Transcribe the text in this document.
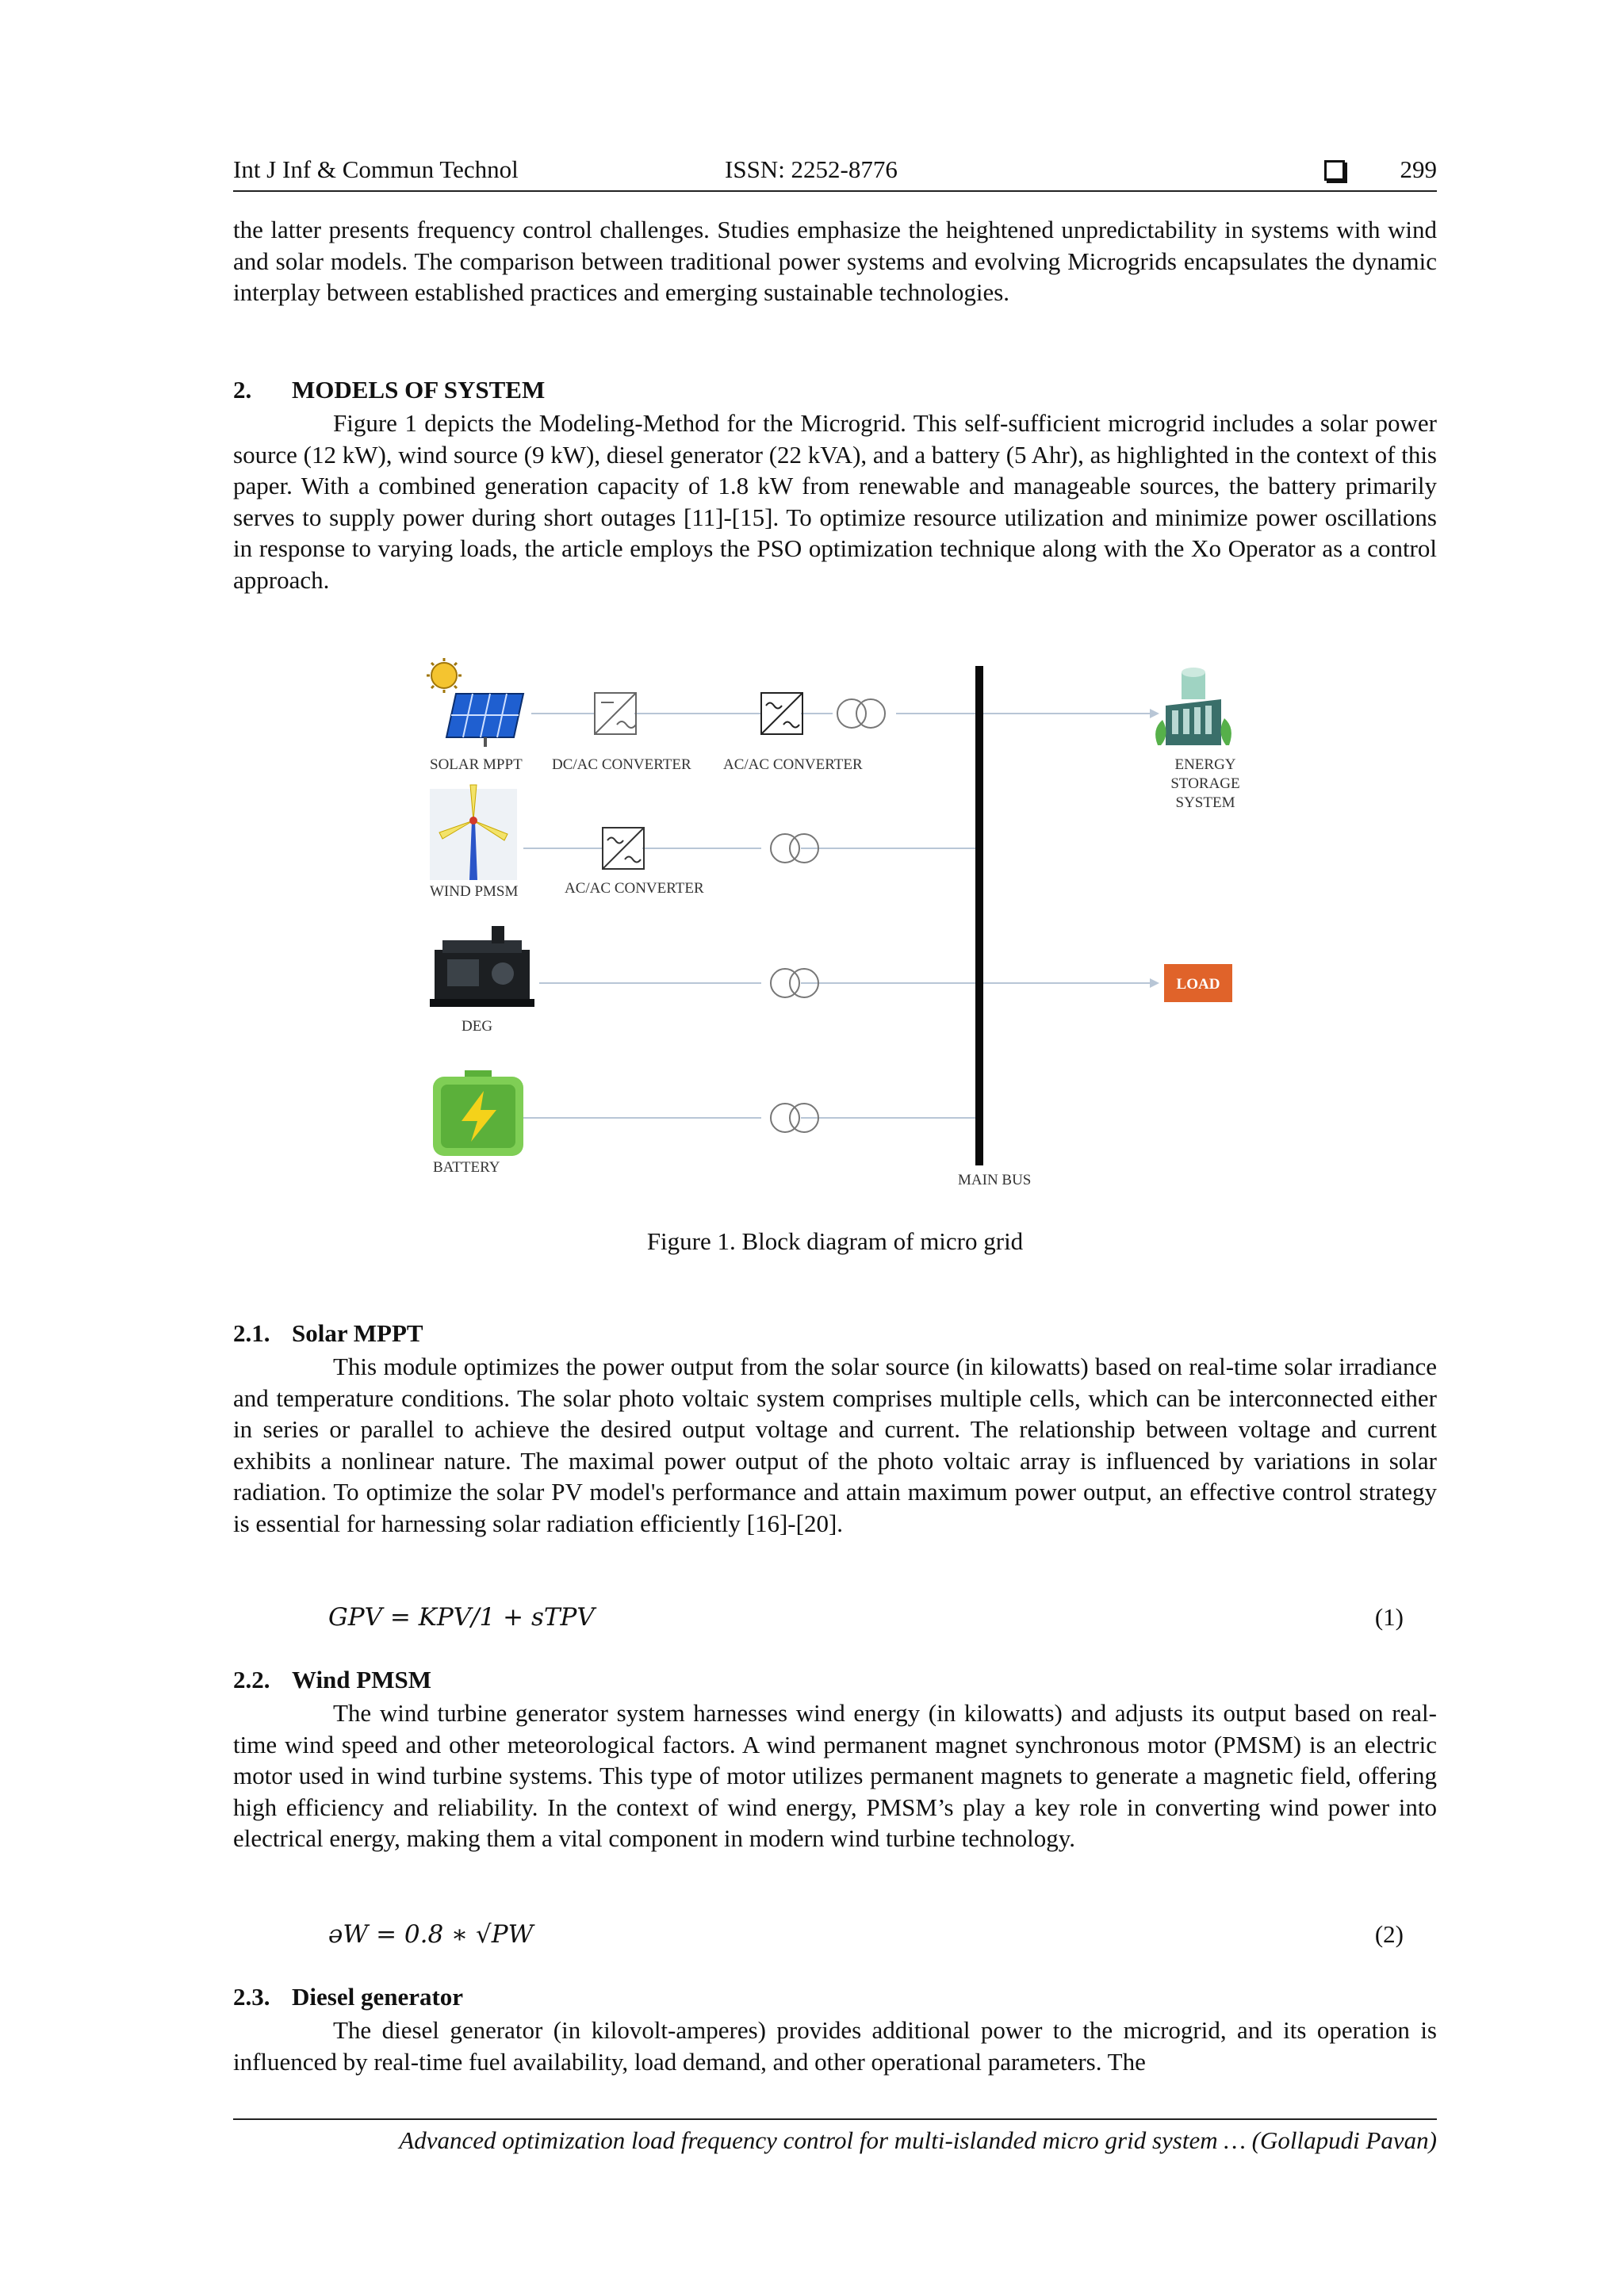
Int J Inf & Commun Technol	ISSN: 2252-8776	299

the latter presents frequency control challenges. Studies emphasize the heightened unpredictability in systems with wind and solar models. The comparison between traditional power systems and evolving Microgrids encapsulates the dynamic interplay between established practices and emerging sustainable technologies.

2. MODELS OF SYSTEM

Figure 1 depicts the Modeling-Method for the Microgrid. This self-sufficient microgrid includes a solar power source (12 kW), wind source (9 kW), diesel generator (22 kVA), and a battery (5 Ahr), as highlighted in the context of this paper. With a combined generation capacity of 1.8 kW from renewable and manageable sources, the battery primarily serves to supply power during short outages [11]-[15]. To optimize resource utilization and minimize power oscillations in response to varying loads, the article employs the PSO optimization technique along with the Xo Operator as a control approach.

SOLAR MPPT DC/AC CONVERTER AC/AC CONVERTER
WIND PMSM	AC/AC CONVERTER
DEG
BATTERY
MAIN BUS
ENERGY
STORAGE
SYSTEM
LOAD

Figure 1. Block diagram of micro grid

2.1. Solar MPPT

This module optimizes the power output from the solar source (in kilowatts) based on real-time solar irradiance and temperature conditions. The solar photo voltaic system comprises multiple cells, which can be interconnected either in series or parallel to achieve the desired output voltage and current. The relationship between voltage and current exhibits a nonlinear nature. The maximal power output of the photo voltaic array is influenced by variations in solar radiation. To optimize the solar PV model's performance and attain maximum power output, an effective control strategy is essential for harnessing solar radiation efficiently [16]-[20].

GPV = KPV/1 + sTPV	(1)
2.2. Wind PMSM

The wind turbine generator system harnesses wind energy (in kilowatts) and adjusts its output based on real-time wind speed and other meteorological factors. A wind permanent magnet synchronous motor (PMSM) is an electric motor used in wind turbine systems. This type of motor utilizes permanent magnets to generate a magnetic field, offering high efficiency and reliability. In the context of wind energy, PMSM’s play a key role in converting wind power into electrical energy, making them a vital component in modern wind turbine technology.

əW = 0.8 ∗ √PW	(2)
2.3. Diesel generator

The diesel generator (in kilovolt-amperes) provides additional power to the microgrid, and its operation is influenced by real-time fuel availability, load demand, and other operational parameters. The

Advanced optimization load frequency control for multi-islanded micro grid system … (Gollapudi Pavan)
